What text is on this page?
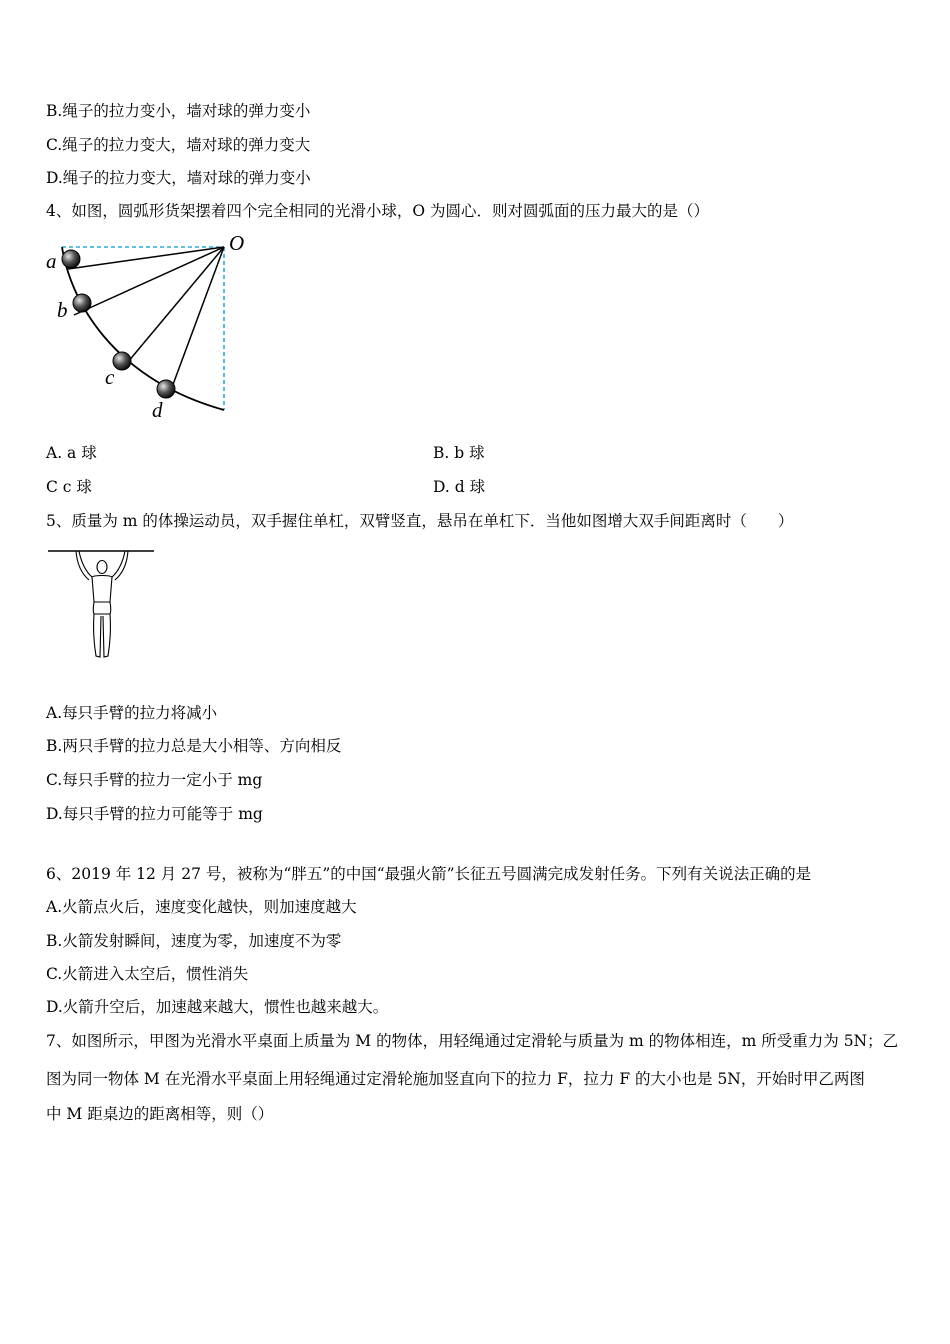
B.绳子的拉力变小，墙对球的弹力变小
C.绳子的拉力变大，墙对球的弹力变大
D.绳子的拉力变大，墙对球的弹力变小
4、如图，圆弧形货架摆着四个完全相同的光滑小球，O 为圆心．则对圆弧面的压力最大的是（）
O
a
b
c
d
A. a 球	B. b 球
C c 球	D. d 球
5、质量为 m 的体操运动员，双手握住单杠，双臂竖直，悬吊在单杠下．当他如图增大双手间距离时（　　）
A.每只手臂的拉力将减小
B.两只手臂的拉力总是大小相等、方向相反
C.每只手臂的拉力一定小于 mg
D.每只手臂的拉力可能等于 mg
6、2019 年 12 月 27 号，被称为“胖五”的中国“最强火箭”长征五号圆满完成发射任务。下列有关说法正确的是
A.火箭点火后，速度变化越快，则加速度越大
B.火箭发射瞬间，速度为零，加速度不为零
C.火箭进入太空后，惯性消失
D.火箭升空后，加速越来越大，惯性也越来越大。
7、如图所示，甲图为光滑水平桌面上质量为 M 的物体，用轻绳通过定滑轮与质量为 m 的物体相连，m 所受重力为 5N；乙
图为同一物体 M 在光滑水平桌面上用轻绳通过定滑轮施加竖直向下的拉力 F，拉力 F 的大小也是 5N，开始时甲乙两图
中 M 距桌边的距离相等，则（）
